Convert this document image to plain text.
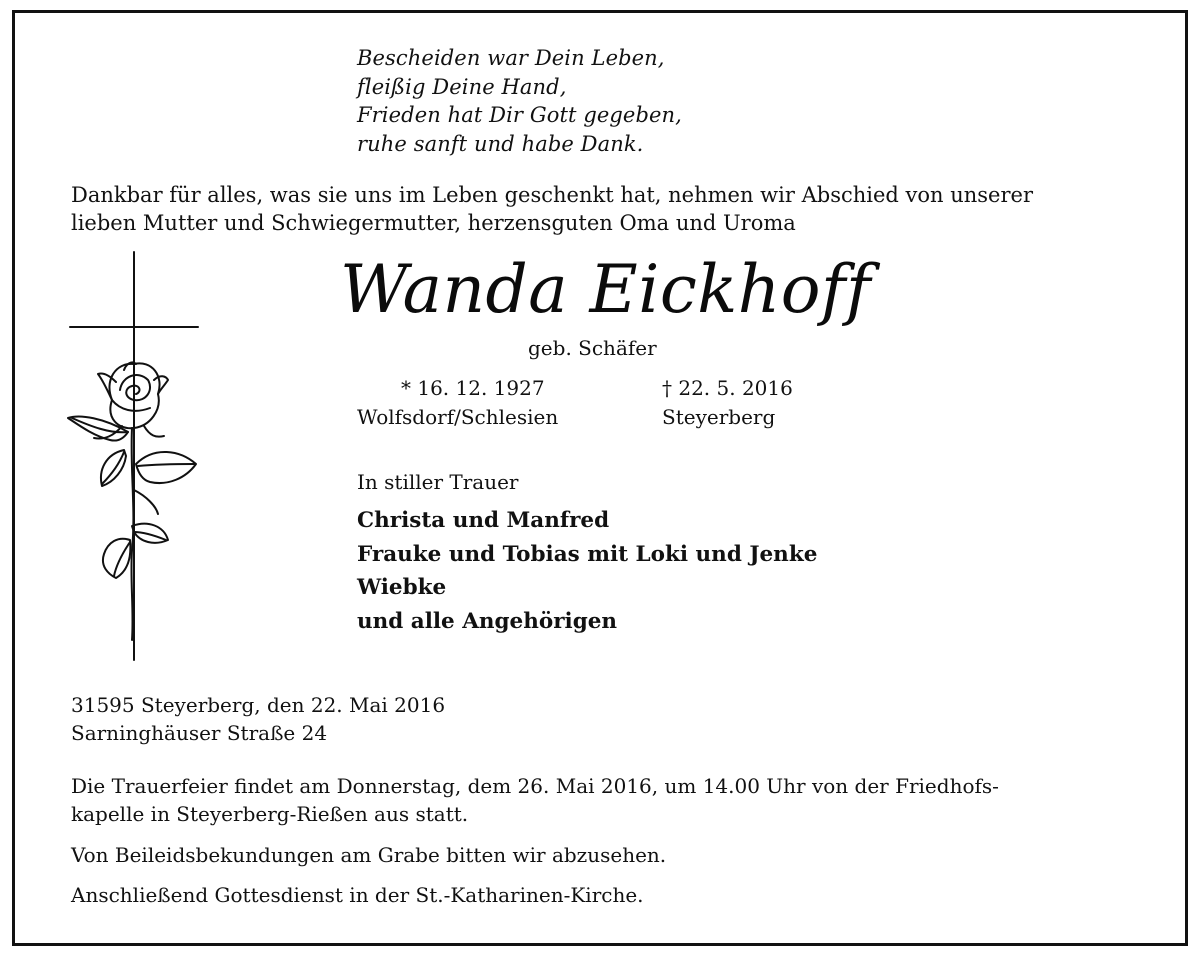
Bescheiden war Dein Leben,
fleißig Deine Hand,
Frieden hat Dir Gott gegeben,
ruhe sanft und habe Dank.
Dankbar für alles, was sie uns im Leben geschenkt hat, nehmen wir Abschied von unserer
lieben Mutter und Schwiegermutter, herzensguten Oma und Uroma
Wanda Eickhoff
geb. Schäfer
* 16. 12. 1927
Wolfsdorf/Schlesien
† 22. 5. 2016
Steyerberg
In stiller Trauer
Christa und Manfred
Frauke und Tobias mit Loki und Jenke
Wiebke
und alle Angehörigen
31595 Steyerberg, den 22. Mai 2016
Sarninghäuser Straße 24
Die Trauerfeier findet am Donnerstag, dem 26. Mai 2016, um 14.00 Uhr von der Friedhofs-
kapelle in Steyerberg-Rießen aus statt.
Von Beileidsbekundungen am Grabe bitten wir abzusehen.
Anschließend Gottesdienst in der St.-Katharinen-Kirche.
